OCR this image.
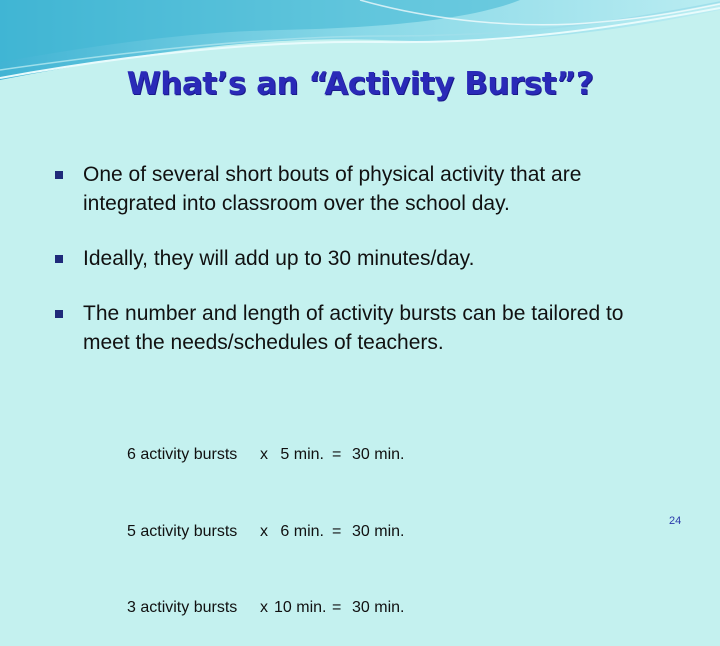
What’s an “Activity Burst”?
One of several short bouts of physical activity that are integrated into classroom over the school day.
Ideally, they will add up to 30 minutes/day.
The number and length of activity bursts can be tailored to meet the needs/schedules of teachers.

6 activity bursts	x 5 min. = 30 min.

5 activity bursts	x 6 min. = 30 min.

3 activity bursts	x 10 min. = 30 min.

24
